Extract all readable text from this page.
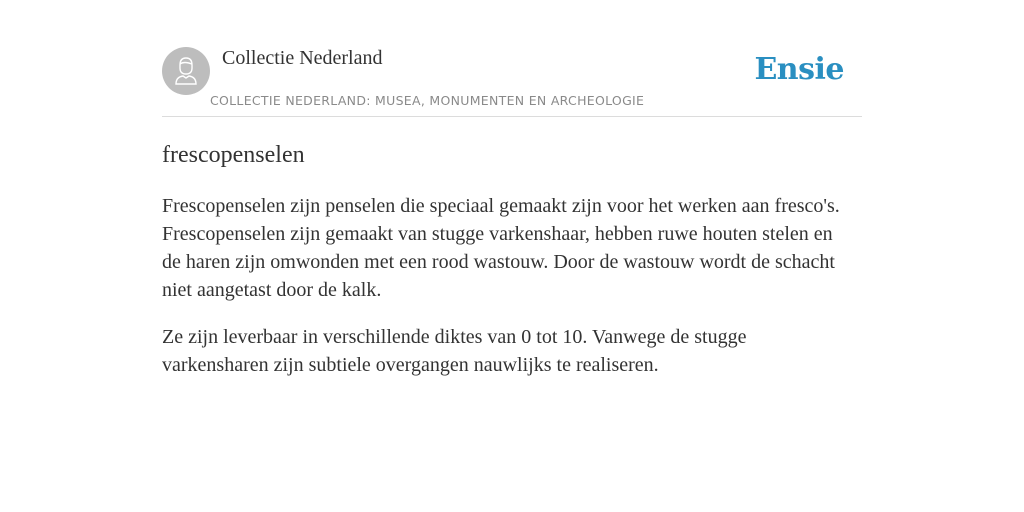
Collectie Nederland
COLLECTIE NEDERLAND: MUSEA, MONUMENTEN EN ARCHEOLOGIE
Ensie
frescopenselen

Frescopenselen zijn penselen die speciaal gemaakt zijn voor het werken aan fresco's. Frescopenselen zijn gemaakt van stugge varkenshaar, hebben ruwe houten stelen en de haren zijn omwonden met een rood wastouw. Door de wastouw wordt de schacht niet aangetast door de kalk.

Ze zijn leverbaar in verschillende diktes van 0 tot 10. Vanwege de stugge varkensharen zijn subtiele overgangen nauwlijks te realiseren.
